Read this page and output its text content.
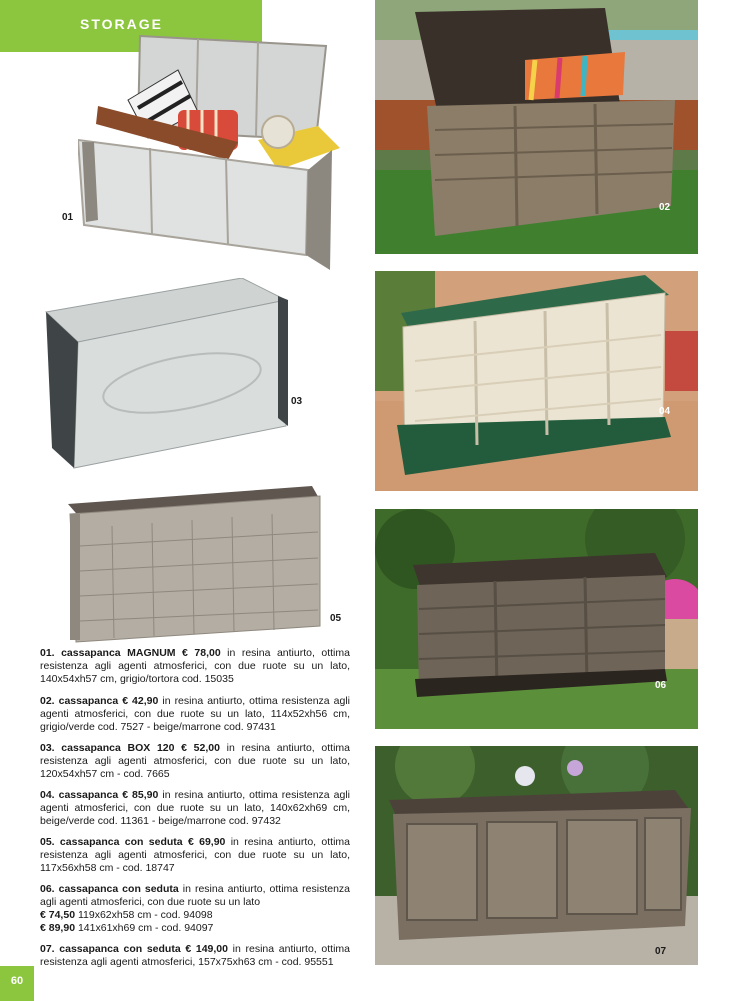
STORAGE
01
02
03
04
05
06
07
01. cassapanca MAGNUM € 78,00 in resina antiurto, ottima resistenza agli agenti atmosferici, con due ruote su un lato, 140x54xh57 cm, grigio/tortora cod. 15035
02. cassapanca € 42,90 in resina antiurto, ottima resistenza agli agenti atmosferici, con due ruote su un lato, 114x52xh56 cm, grigio/verde cod. 7527 - beige/marrone cod. 97431
03. cassapanca BOX 120 € 52,00 in resina antiurto, ottima resistenza agli agenti atmosferici, con due ruote su un lato, 120x54xh57 cm - cod. 7665
04. cassapanca € 85,90 in resina antiurto, ottima resistenza agli agenti atmosferici, con due ruote su un lato, 140x62xh69 cm, beige/verde cod. 11361 - beige/marrone cod. 97432
05. cassapanca con seduta € 69,90 in resina antiurto, ottima resistenza agli agenti atmosferici, con due ruote su un lato, 117x56xh58 cm - cod. 18747
06. cassapanca con seduta in resina antiurto, ottima resistenza agli agenti atmosferici, con due ruote su un lato
€ 74,50 119x62xh58 cm - cod. 94098
€ 89,90 141x61xh69 cm - cod. 94097
07. cassapanca con seduta € 149,00 in resina antiurto, ottima resistenza agli agenti atmosferici, 157x75xh63 cm - cod. 95551
60
